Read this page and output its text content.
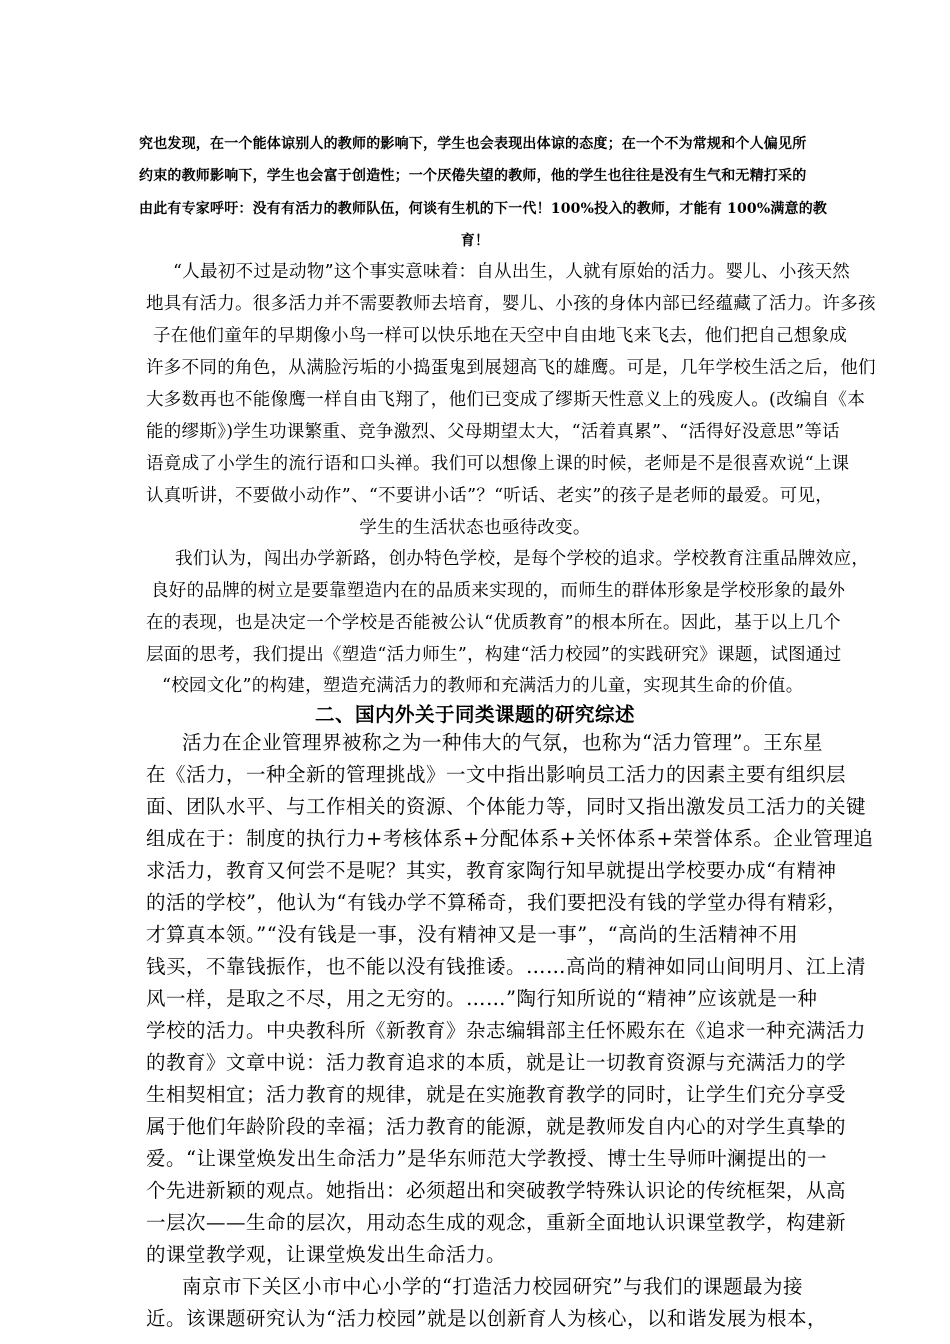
究也发现，在一个能体谅别人的教师的影响下，学生也会表现出体谅的态度；在一个不为常规和个人偏见所

约束的教师影响下，学生也会富于创造性；一个厌倦失望的教师，他的学生也往往是没有生气和无精打采的

由此有专家呼吁：没有有活力的教师队伍，何谈有生机的下一代！100%投入的教师，才能有 100%满意的教

育！

“人最初不过是动物”这个事实意味着：自从出生，人就有原始的活力。婴儿、小孩天然

地具有活力。很多活力并不需要教师去培育，婴儿、小孩的身体内部已经蕴藏了活力。许多孩

子在他们童年的早期像小鸟一样可以快乐地在天空中自由地飞来飞去，他们把自己想象成

许多不同的角色，从满脸污垢的小捣蛋鬼到展翅高飞的雄鹰。可是，几年学校生活之后，他们

大多数再也不能像鹰一样自由飞翔了，他们已变成了缪斯天性意义上的残废人。(改编自《本

能的缪斯》)学生功课繁重、竞争激烈、父母期望太大，“活着真累”、“活得好没意思”等话

语竟成了小学生的流行语和口头禅。我们可以想像上课的时候，老师是不是很喜欢说“上课

认真听讲，不要做小动作”、“不要讲小话”？“听话、老实”的孩子是老师的最爱。可见，

学生的生活状态也亟待改变。

我们认为，闯出办学新路，创办特色学校，是每个学校的追求。学校教育注重品牌效应，

良好的品牌的树立是要靠塑造内在的品质来实现的，而师生的群体形象是学校形象的最外

在的表现，也是决定一个学校是否能被公认“优质教育”的根本所在。因此，基于以上几个

层面的思考，我们提出《塑造“活力师生”，构建“活力校园”的实践研究》课题，试图通过

“校园文化”的构建，塑造充满活力的教师和充满活力的儿童，实现其生命的价值。

二、国内外关于同类课题的研究综述

活力在企业管理界被称之为一种伟大的气氛，也称为“活力管理”。王东星

在《活力，一种全新的管理挑战》一文中指出影响员工活力的因素主要有组织层

面、团队水平、与工作相关的资源、个体能力等，同时又指出激发员工活力的关键

组成在于：制度的执行力+考核体系+分配体系+关怀体系+荣誉体系。企业管理追

求活力，教育又何尝不是呢？其实，教育家陶行知早就提出学校要办成“有精神

的活的学校”，他认为“有钱办学不算稀奇，我们要把没有钱的学堂办得有精彩，

才算真本领。”“没有钱是一事，没有精神又是一事”，“高尚的生活精神不用

钱买，不靠钱振作，也不能以没有钱推诿。……高尚的精神如同山间明月、江上清

风一样，是取之不尽，用之无穷的。……”陶行知所说的“精神”应该就是一种

学校的活力。中央教科所《新教育》杂志编辑部主任怀殿东在《追求一种充满活力

的教育》文章中说：活力教育追求的本质，就是让一切教育资源与充满活力的学

生相契相宜；活力教育的规律，就是在实施教育教学的同时，让学生们充分享受

属于他们年龄阶段的幸福；活力教育的能源，就是教师发自内心的对学生真挚的

爱。“让课堂焕发出生命活力”是华东师范大学教授、博士生导师叶澜提出的一

个先进新颖的观点。她指出：必须超出和突破教学特殊认识论的传统框架，从高

一层次——生命的层次，用动态生成的观念，重新全面地认识课堂教学，构建新

的课堂教学观，让课堂焕发出生命活力。

南京市下关区小市中心小学的“打造活力校园研究”与我们的课题最为接

近。该课题研究认为“活力校园”就是以创新育人为核心，以和谐发展为根本，
